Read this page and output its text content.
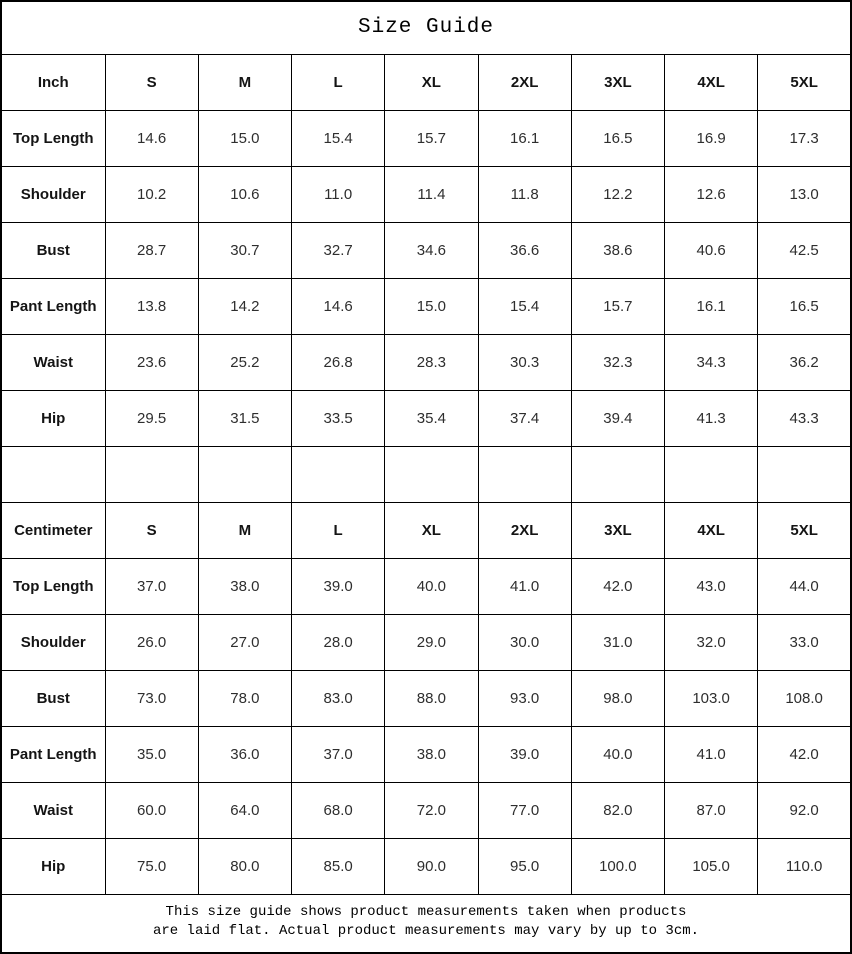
Size Guide								
Inch	S	M	L	XL	2XL	3XL	4XL	5XL
Top Length	14.6	15.0	15.4	15.7	16.1	16.5	16.9	17.3
Shoulder	10.2	10.6	11.0	11.4	11.8	12.2	12.6	13.0
Bust	28.7	30.7	32.7	34.6	36.6	38.6	40.6	42.5
Pant Length	13.8	14.2	14.6	15.0	15.4	15.7	16.1	16.5
Waist	23.6	25.2	26.8	28.3	30.3	32.3	34.3	36.2
Hip	29.5	31.5	33.5	35.4	37.4	39.4	41.3	43.3

Centimeter	S	M	L	XL	2XL	3XL	4XL	5XL
Top Length	37.0	38.0	39.0	40.0	41.0	42.0	43.0	44.0
Shoulder	26.0	27.0	28.0	29.0	30.0	31.0	32.0	33.0
Bust	73.0	78.0	83.0	88.0	93.0	98.0	103.0	108.0
Pant Length	35.0	36.0	37.0	38.0	39.0	40.0	41.0	42.0
Waist	60.0	64.0	68.0	72.0	77.0	82.0	87.0	92.0
Hip	75.0	80.0	85.0	90.0	95.0	100.0	105.0	110.0

This size guide shows product measurements taken when products
are laid flat. Actual product measurements may vary by up to 3cm.								
